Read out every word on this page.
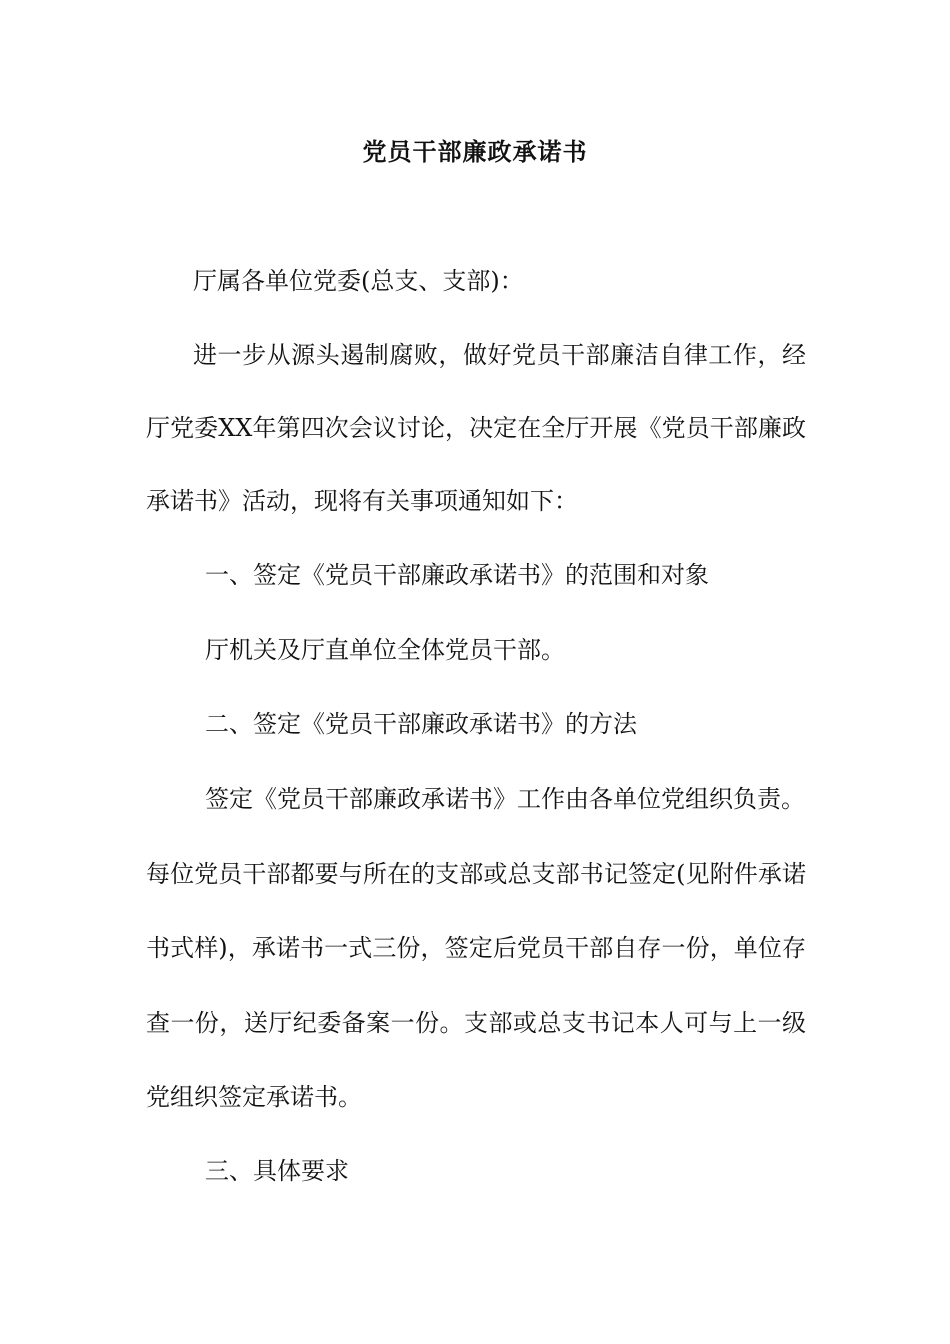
党员干部廉政承诺书
厅属各单位党委(总支、支部)：
进一步从源头遏制腐败，做好党员干部廉洁自律工作，经
厅党委XX年第四次会议讨论，决定在全厅开展《党员干部廉政
承诺书》活动，现将有关事项通知如下：
一、签定《党员干部廉政承诺书》的范围和对象
厅机关及厅直单位全体党员干部。
二、签定《党员干部廉政承诺书》的方法
签定《党员干部廉政承诺书》工作由各单位党组织负责。
每位党员干部都要与所在的支部或总支部书记签定(见附件承诺
书式样)，承诺书一式三份，签定后党员干部自存一份，单位存
查一份，送厅纪委备案一份。支部或总支书记本人可与上一级
党组织签定承诺书。
三、具体要求
